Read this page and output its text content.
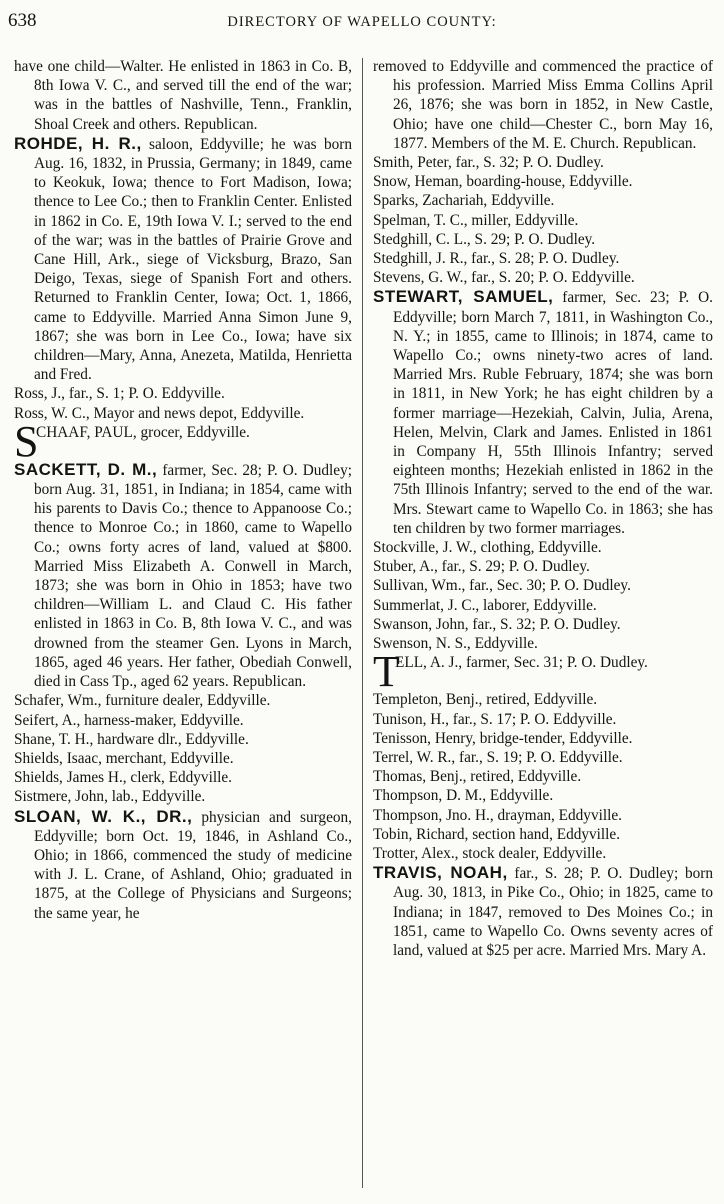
638	DIRECTORY OF WAPELLO COUNTY:

have one child—Walter. He enlisted in 1863 in Co. B, 8th Iowa V. C., and served till the end of the war; was in the battles of Nashville, Tenn., Franklin, Shoal Creek and others. Republican.

ROHDE, H. R., saloon, Eddyville; he was born Aug. 16, 1832, in Prussia, Germany; in 1849, came to Keokuk, Iowa; thence to Fort Madison, Iowa; thence to Lee Co.; then to Franklin Center. Enlisted in 1862 in Co. E, 19th Iowa V. I.; served to the end of the war; was in the battles of Prairie Grove and Cane Hill, Ark., siege of Vicksburg, Brazo, San Deigo, Texas, siege of Spanish Fort and others. Returned to Franklin Center, Iowa; Oct. 1, 1866, came to Eddyville. Married Anna Simon June 9, 1867; she was born in Lee Co., Iowa; have six children—Mary, Anna, Anezeta, Matilda, Henrietta and Fred.

Ross, J., far., S. 1; P. O. Eddyville.

Ross, W. C., Mayor and news depot, Eddyville.

S
CHAAF, PAUL, grocer, Eddyville.

SACKETT, D. M., farmer, Sec. 28; P. O. Dudley; born Aug. 31, 1851, in Indiana; in 1854, came with his parents to Davis Co.; thence to Appanoose Co.; thence to Monroe Co.; in 1860, came to Wapello Co.; owns forty acres of land, valued at $800. Married Miss Elizabeth A. Conwell in March, 1873; she was born in Ohio in 1853; have two children—William L. and Claud C. His father enlisted in 1863 in Co. B, 8th Iowa V. C., and was drowned from the steamer Gen. Lyons in March, 1865, aged 46 years. Her father, Obediah Conwell, died in Cass Tp., aged 62 years. Republican.

Schafer, Wm., furniture dealer, Eddyville.

Seifert, A., harness-maker, Eddyville.

Shane, T. H., hardware dlr., Eddyville.

Shields, Isaac, merchant, Eddyville.

Shields, James H., clerk, Eddyville.

Sistmere, John, lab., Eddyville.

SLOAN, W. K., DR., physician and surgeon, Eddyville; born Oct. 19, 1846, in Ashland Co., Ohio; in 1866, commenced the study of medicine with J. L. Crane, of Ashland, Ohio; graduated in 1875, at the College of Physicians and Surgeons; the same year, he

removed to Eddyville and commenced the practice of his profession. Married Miss Emma Collins April 26, 1876; she was born in 1852, in New Castle, Ohio; have one child—Chester C., born May 16, 1877. Members of the M. E. Church. Republican.

Smith, Peter, far., S. 32; P. O. Dudley.

Snow, Heman, boarding-house, Eddyville.

Sparks, Zachariah, Eddyville.

Spelman, T. C., miller, Eddyville.

Stedghill, C. L., S. 29; P. O. Dudley.

Stedghill, J. R., far., S. 28; P. O. Dudley.

Stevens, G. W., far., S. 20; P. O. Eddyville.

STEWART, SAMUEL, farmer, Sec. 23; P. O. Eddyville; born March 7, 1811, in Washington Co., N. Y.; in 1855, came to Illinois; in 1874, came to Wapello Co.; owns ninety-two acres of land. Married Mrs. Ruble February, 1874; she was born in 1811, in New York; he has eight children by a former marriage—Hezekiah, Calvin, Julia, Arena, Helen, Melvin, Clark and James. Enlisted in 1861 in Company H, 55th Illinois Infantry; served eighteen months; Hezekiah enlisted in 1862 in the 75th Illinois Infantry; served to the end of the war. Mrs. Stewart came to Wapello Co. in 1863; she has ten children by two former marriages.

Stockville, J. W., clothing, Eddyville.

Stuber, A., far., S. 29; P. O. Dudley.

Sullivan, Wm., far., Sec. 30; P. O. Dudley.

Summerlat, J. C., laborer, Eddyville.

Swanson, John, far., S. 32; P. O. Dudley.

Swenson, N. S., Eddyville.

T
ELL, A. J., farmer, Sec. 31; P. O. Dudley.

Templeton, Benj., retired, Eddyville.

Tunison, H., far., S. 17; P. O. Eddyville.

Tenisson, Henry, bridge-tender, Eddyville.

Terrel, W. R., far., S. 19; P. O. Eddyville.

Thomas, Benj., retired, Eddyville.

Thompson, D. M., Eddyville.

Thompson, Jno. H., drayman, Eddyville.

Tobin, Richard, section hand, Eddyville.

Trotter, Alex., stock dealer, Eddyville.

TRAVIS, NOAH, far., S. 28; P. O. Dudley; born Aug. 30, 1813, in Pike Co., Ohio; in 1825, came to Indiana; in 1847, removed to Des Moines Co.; in 1851, came to Wapello Co. Owns seventy acres of land, valued at $25 per acre. Married Mrs. Mary A.
